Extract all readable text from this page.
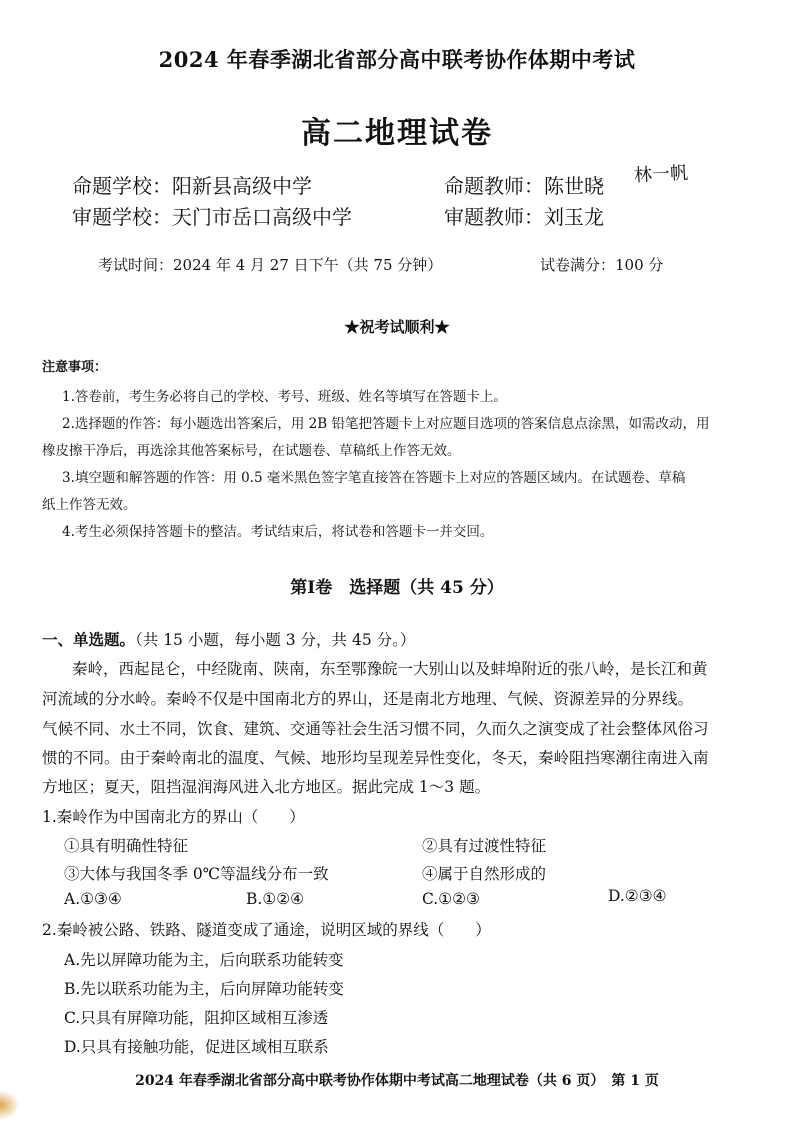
2024 年春季湖北省部分高中联考协作体期中考试
高二地理试卷
命题学校：阳新县高级中学	命题教师：陈世晓 林一帆
审题学校：天门市岳口高级中学	审题教师：刘玉龙
考试时间：2024 年 4 月 27 日下午（共 75 分钟）	试卷满分：100 分
★祝考试顺利★
注意事项：
1.答卷前，考生务必将自己的学校、考号、班级、姓名等填写在答题卡上。
2.选择题的作答：每小题选出答案后，用 2B 铅笔把答题卡上对应题目选项的答案信息点涂黑，如需改动，用
橡皮擦干净后，再选涂其他答案标号，在试题卷、草稿纸上作答无效。
3.填空题和解答题的作答：用 0.5 毫米黑色签字笔直接答在答题卡上对应的答题区域内。在试题卷、草稿
纸上作答无效。
4.考生必须保持答题卡的整洁。考试结束后，将试卷和答题卡一并交回。
第Ⅰ卷　选择题（共 45 分）
一、单选题。（共 15 小题，每小题 3 分，共 45 分。）
秦岭，西起昆仑，中经陇南、陕南，东至鄂豫皖一大别山以及蚌埠附近的张八岭，是长江和黄
河流域的分水岭。秦岭不仅是中国南北方的界山，还是南北方地理、气候、资源差异的分界线。
气候不同、水土不同，饮食、建筑、交通等社会生活习惯不同，久而久之演变成了社会整体风俗习
惯的不同。由于秦岭南北的温度、气候、地形均呈现差异性变化，冬天，秦岭阻挡寒潮往南进入南
方地区；夏天，阻挡湿润海风进入北方地区。据此完成 1～3 题。
1.秦岭作为中国南北方的界山（　　）
①具有明确性特征	②具有过渡性特征
③大体与我国冬季 0℃等温线分布一致	④属于自然形成的
A.①③④	B.①②④	C.①②③	D.②③④
2.秦岭被公路、铁路、隧道变成了通途，说明区域的界线（　　）
A.先以屏障功能为主，后向联系功能转变
B.先以联系功能为主，后向屏障功能转变
C.只具有屏障功能，阻抑区域相互渗透
D.只具有接触功能，促进区域相互联系
2024 年春季湖北省部分高中联考协作体期中考试高二地理试卷（共 6 页）　第 1 页
